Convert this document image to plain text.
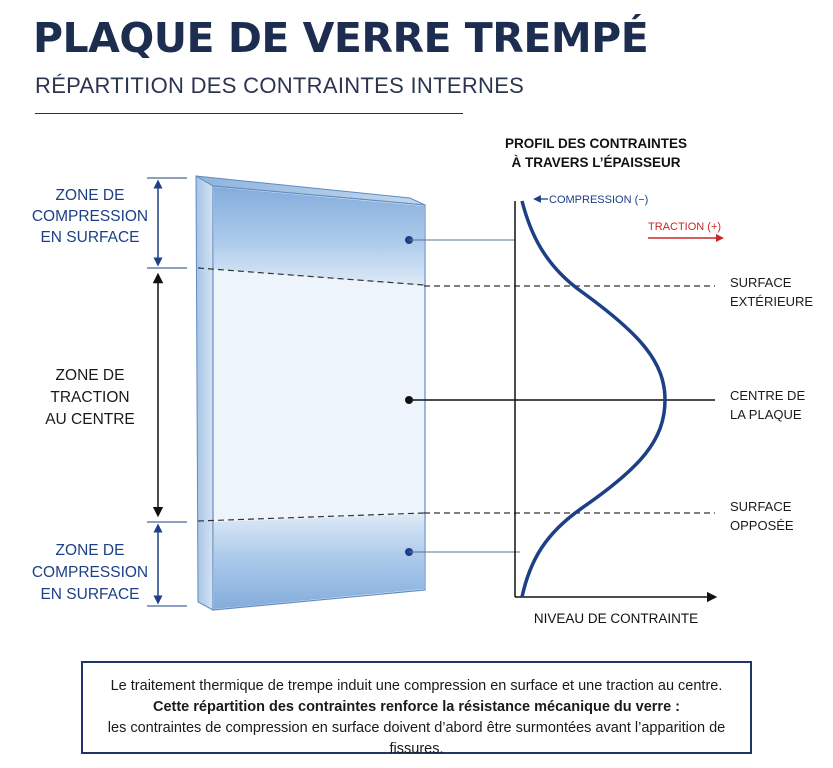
PLAQUE DE VERRE TREMPÉ
RÉPARTITION DES CONTRAINTES INTERNES
ZONE DE
COMPRESSION
EN SURFACE
ZONE DE
TRACTION
AU CENTRE
ZONE DE
COMPRESSION
EN SURFACE
PROFIL DES CONTRAINTES
À TRAVERS L’ÉPAISSEUR
COMPRESSION (−)
TRACTION (+)
NIVEAU DE CONTRAINTE
SURFACE
EXTÉRIEURE
CENTRE DE
LA PLAQUE
SURFACE
OPPOSÉE
Le traitement thermique de trempe induit une compression en surface et une traction au centre.
Cette répartition des contraintes renforce la résistance mécanique du verre :
les contraintes de compression en surface doivent d’abord être surmontées avant l’apparition de fissures.
